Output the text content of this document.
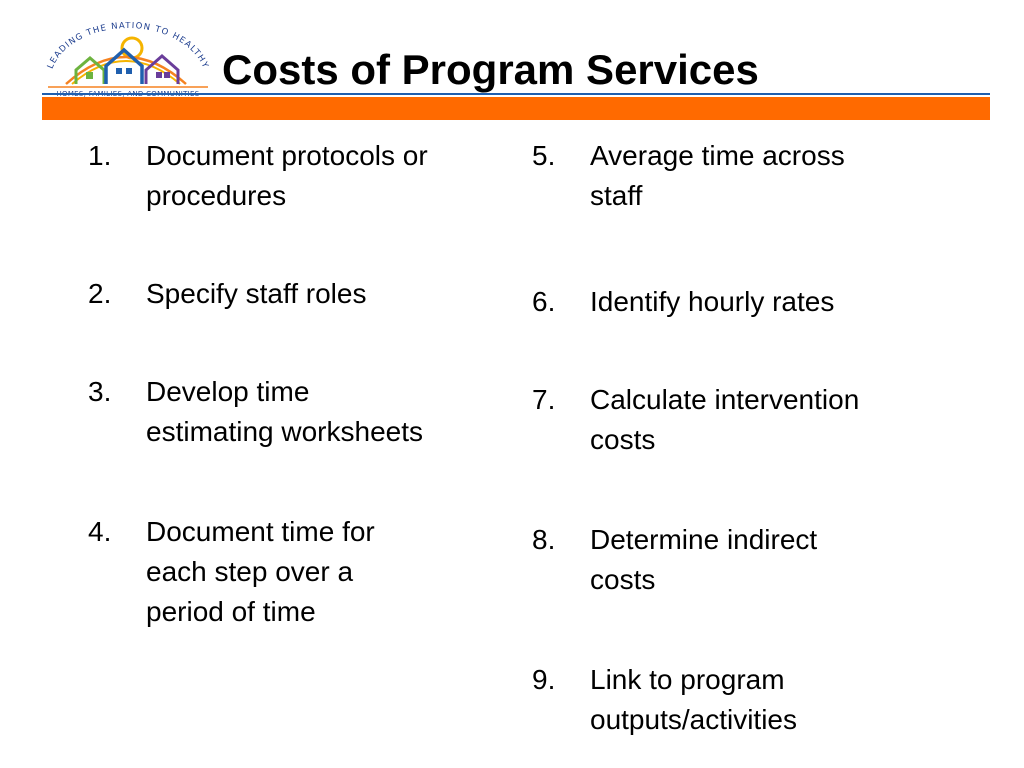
LEADING THE NATION TO HEALTHY Costs of Program Services
1. Document protocols or
procedures
2. Specify staff roles
3. Develop time
estimating worksheets
4. Document time for
each step over a
period of time
5. Average time across
staff
6. Identify hourly rates
7. Calculate intervention
costs
8. Determine indirect
costs
9. Link to program
outputs/activities
